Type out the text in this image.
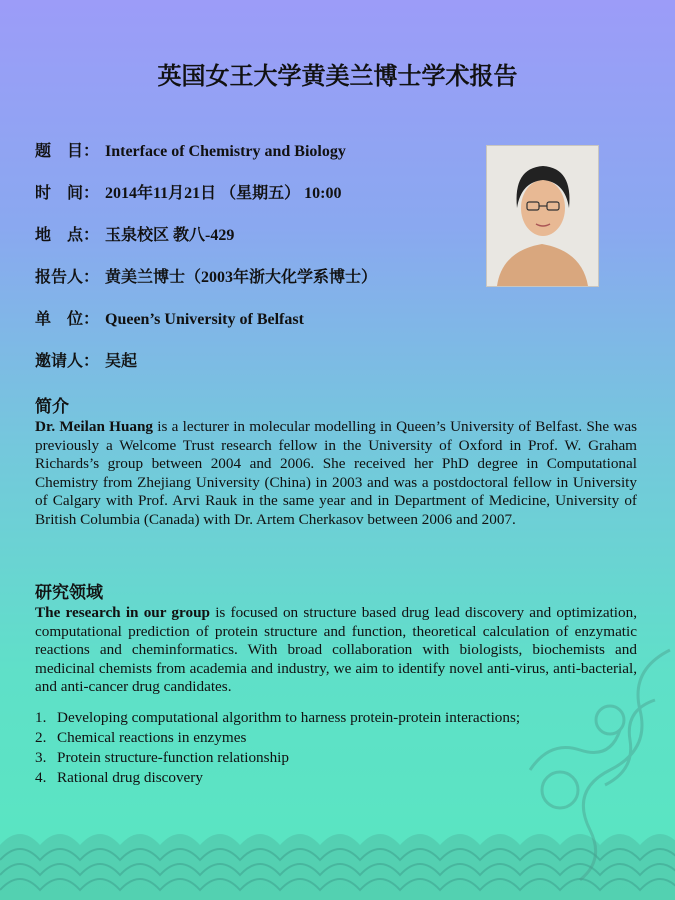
英国女王大学黄美兰博士学术报告
题　目： Interface of Chemistry and Biology
时　间： 2014年11月21日 （星期五） 10:00
地　点： 玉泉校区 教八-429
报告人： 黄美兰博士（2003年浙大化学系博士）
单　位： Queen’s University of Belfast
邀请人： 吴起
简介
Dr. Meilan Huang is a lecturer in molecular modelling in Queen’s University of Belfast. She was previously a Welcome Trust research fellow in the University of Oxford in Prof. W. Graham Richards’s group between 2004 and 2006. She received her PhD degree in Computational Chemistry from Zhejiang University (China) in 2003 and was a postdoctoral fellow in University of Calgary with Prof. Arvi Rauk in the same year and in Department of Medicine, University of British Columbia (Canada) with Dr. Artem Cherkasov between 2006 and 2007.
研究领域
The research in our group is focused on structure based drug lead discovery and optimization, computational prediction of protein structure and function, theoretical calculation of enzymatic reactions and cheminformatics. With broad collaboration with biologists, biochemists and medicinal chemists from academia and industry, we aim to identify novel anti-virus, anti-bacterial, and anti-cancer drug candidates.
1. Developing computational algorithm to harness protein-protein interactions;
2. Chemical reactions in enzymes
3. Protein structure-function relationship
4. Rational drug discovery
